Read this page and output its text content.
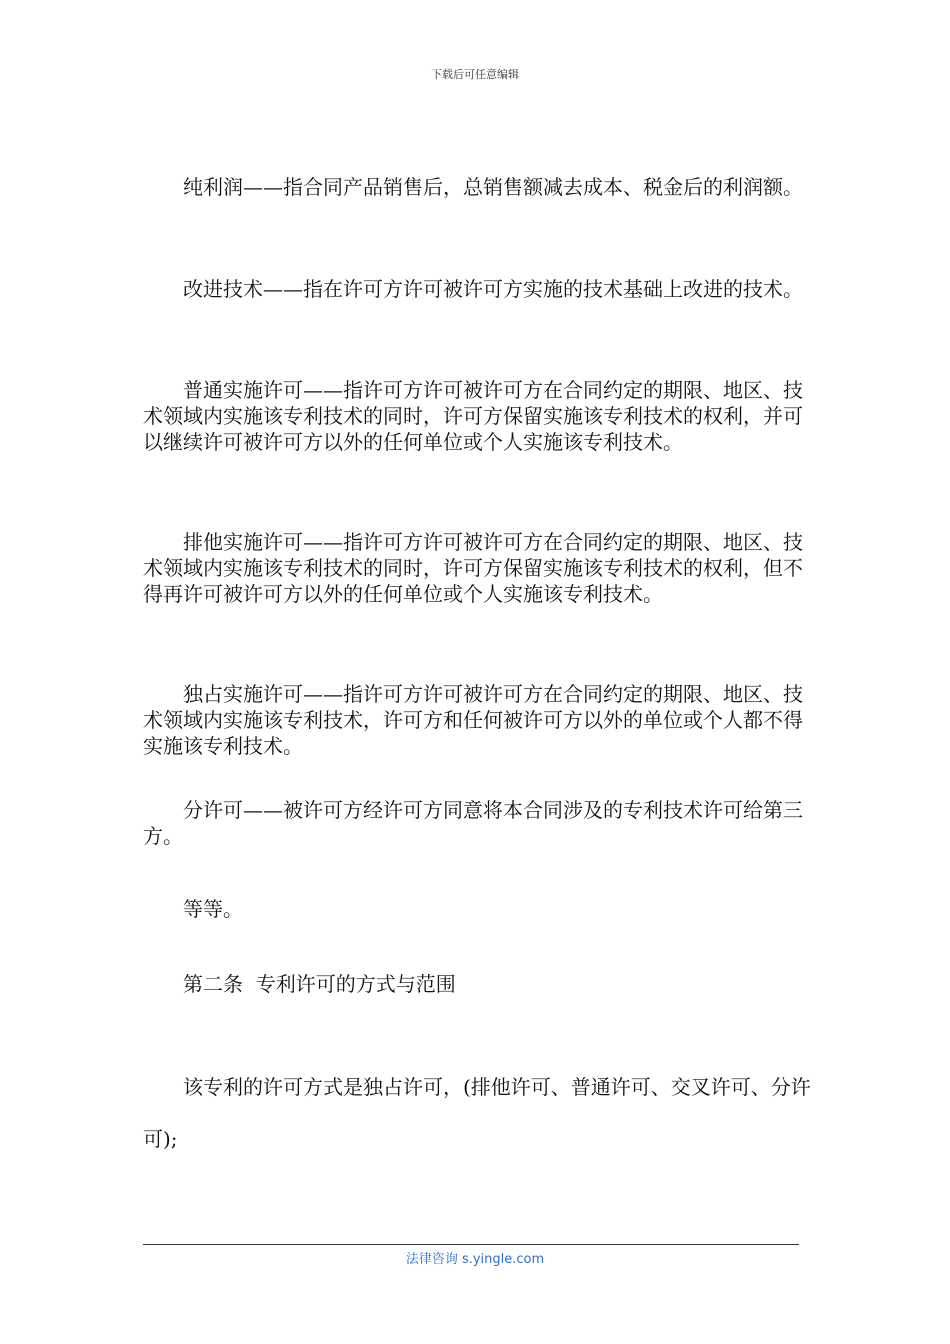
下载后可任意编辑

纯利润——指合同产品销售后，总销售额减去成本、税金后的利润额。

改进技术——指在许可方许可被许可方实施的技术基础上改进的技术。

普通实施许可——指许可方许可被许可方在合同约定的期限、地区、技术领域内实施该专利技术的同时，许可方保留实施该专利技术的权利，并可以继续许可被许可方以外的任何单位或个人实施该专利技术。

排他实施许可——指许可方许可被许可方在合同约定的期限、地区、技术领域内实施该专利技术的同时，许可方保留实施该专利技术的权利，但不得再许可被许可方以外的任何单位或个人实施该专利技术。

独占实施许可——指许可方许可被许可方在合同约定的期限、地区、技术领域内实施该专利技术，许可方和任何被许可方以外的单位或个人都不得实施该专利技术。

分许可——被许可方经许可方同意将本合同涉及的专利技术许可给第三方。

等等。

第二条  专利许可的方式与范围

该专利的许可方式是独占许可，(排他许可、普通许可、交叉许可、分许可);

法律咨询 s.yingle.com
